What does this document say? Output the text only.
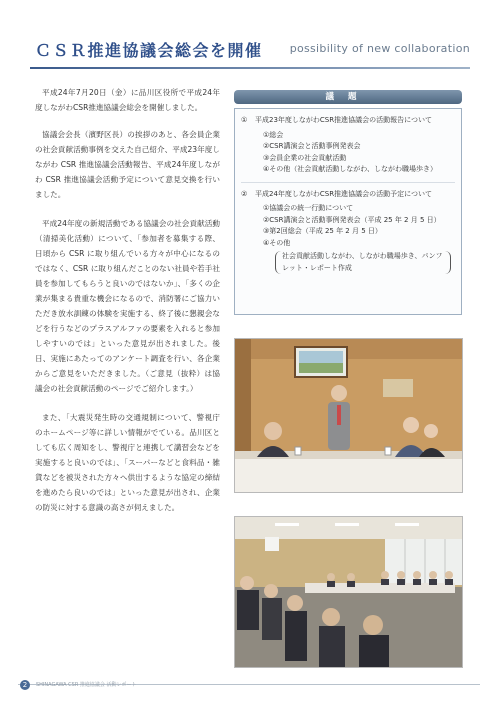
ＣＳＲ推進協議会総会を開催 possibility of new collaboration

平成24年7月20日（金）に品川区役所で平成24年度しながわCSR推進協議会総会を開催しました。

協議会会長（濱野区長）の挨拶のあと、各会員企業の社会貢献活動事例を交えた自己紹介、平成23年度しながわ CSR 推進協議会活動報告、平成24年度しながわ CSR 推進協議会活動予定について意見交換を行いました。

平成24年度の新規活動である協議会の社会貢献活動（清掃美化活動）について、「参加者を募集する際、日頃から CSR に取り組んでいる方々が中心になるのではなく、CSR に取り組んだことのない社員や若手社員を参加してもらうと良いのではないか」、「多くの企業が集まる貴重な機会になるので、消防署にご協力いただき放水訓練の体験を実施する、終了後に懇親会などを行うなどのプラスアルファの要素を入れると参加しやすいのでは」といった意見が出されました。後日、実施にあたってのアンケート調査を行い、各企業からご意見をいただきました。（ご意見（抜粋）は協議会の社会貢献活動のページでご紹介します。）

また、「大震災発生時の交通規制について、警視庁のホームページ等に詳しい情報がでている。品川区としても広く周知をし、警視庁と連携して講習会などを実施すると良いのでは」、「スーパーなどと食料品・雑貨などを被災された方々へ供出するような協定の締結を進めたら良いのでは」といった意見が出され、企業の防災に対する意識の高さが伺えました。

議題
①	平成23年度しながわCSR推進協議会の活動報告について
①総会
②CSR講演会と活動事例発表会
③会員企業の社会貢献活動
④その他（社会貢献活動しながわ、しながわ職場歩き）
②	平成24年度しながわCSR推進協議会の活動予定について
①協議会の統一行動について
②CSR講演会と活動事例発表会（平成 25 年 2 月 5 日）
③第2回総会（平成 25 年 2 月 5 日）
④その他
社会貢献活動しながわ、しながわ職場歩き、パンフレット・レポート作成
2	SHINAGAWA CSR 推進協議会 活動レポート
